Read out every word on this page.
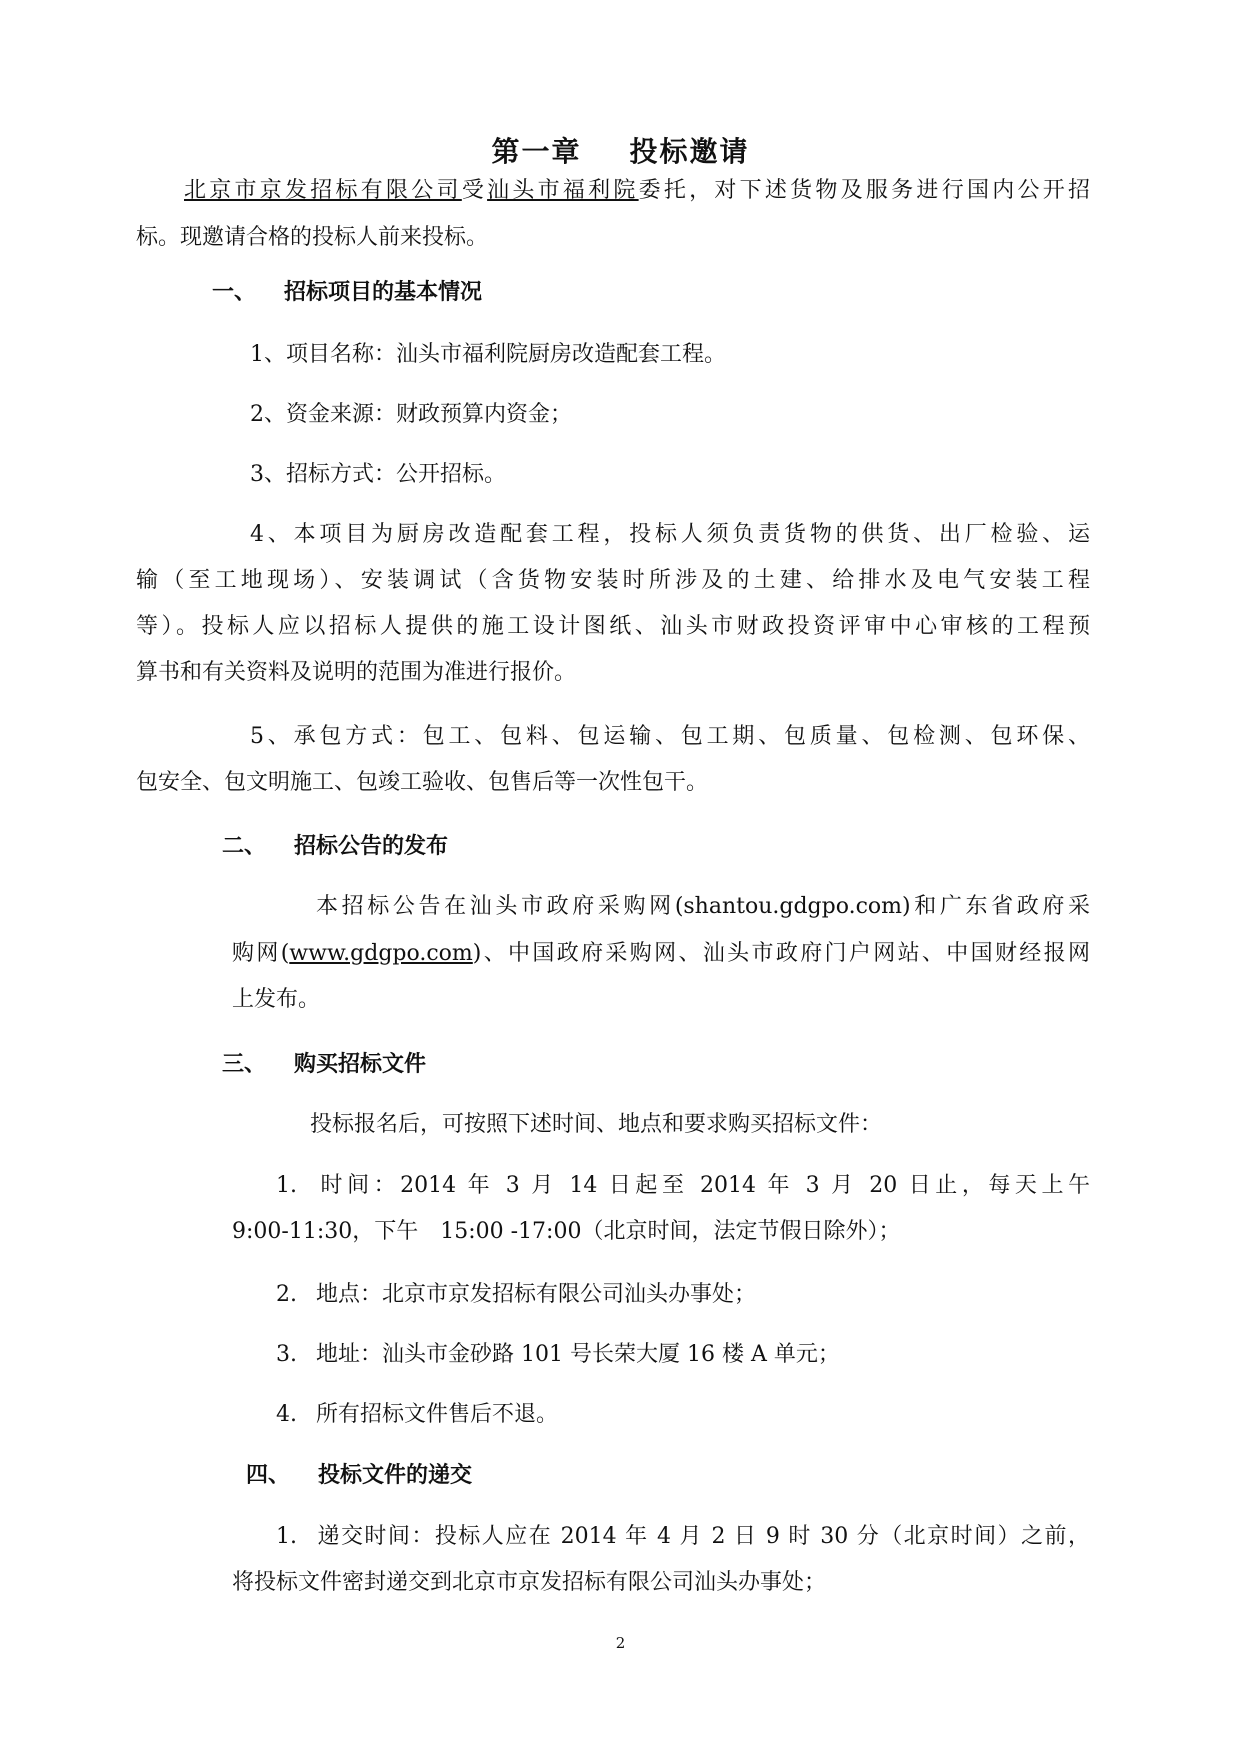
第一章 投标邀请
北京市京发招标有限公司受汕头市福利院委托，对下述货物及服务进行国内公开招
标。现邀请合格的投标人前来投标。
一、 招标项目的基本情况
1、项目名称：汕头市福利院厨房改造配套工程。
2、资金来源：财政预算内资金；
3、招标方式：公开招标。
4、本项目为厨房改造配套工程，投标人须负责货物的供货、出厂检验、运
输（至工地现场）、安装调试（含货物安装时所涉及的土建、给排水及电气安装工程
等）。投标人应以招标人提供的施工设计图纸、汕头市财政投资评审中心审核的工程预
算书和有关资料及说明的范围为准进行报价。
5、承包方式：包工、包料、包运输、包工期、包质量、包检测、包环保、
包安全、包文明施工、包竣工验收、包售后等一次性包干。
二、 招标公告的发布
本招标公告在汕头市政府采购网(shantou.gdgpo.com)和广东省政府采
购网(www.gdgpo.com)、中国政府采购网、汕头市政府门户网站、中国财经报网
上发布。
三、 购买招标文件
投标报名后，可按照下述时间、地点和要求购买招标文件：
1. 时间：2014 年 3 月 14 日起至 2014 年 3 月 20 日止，每天上午
9:00-11:30，下午　15:00 -17:00（北京时间，法定节假日除外）；
2. 地点：北京市京发招标有限公司汕头办事处；
3. 地址：汕头市金砂路 101 号长荣大厦 16 楼 A 单元；
4. 所有招标文件售后不退。
四、 投标文件的递交
1. 递交时间：投标人应在 2014 年 4 月 2 日 9 时 30 分（北京时间）之前，
将投标文件密封递交到北京市京发招标有限公司汕头办事处；
2
